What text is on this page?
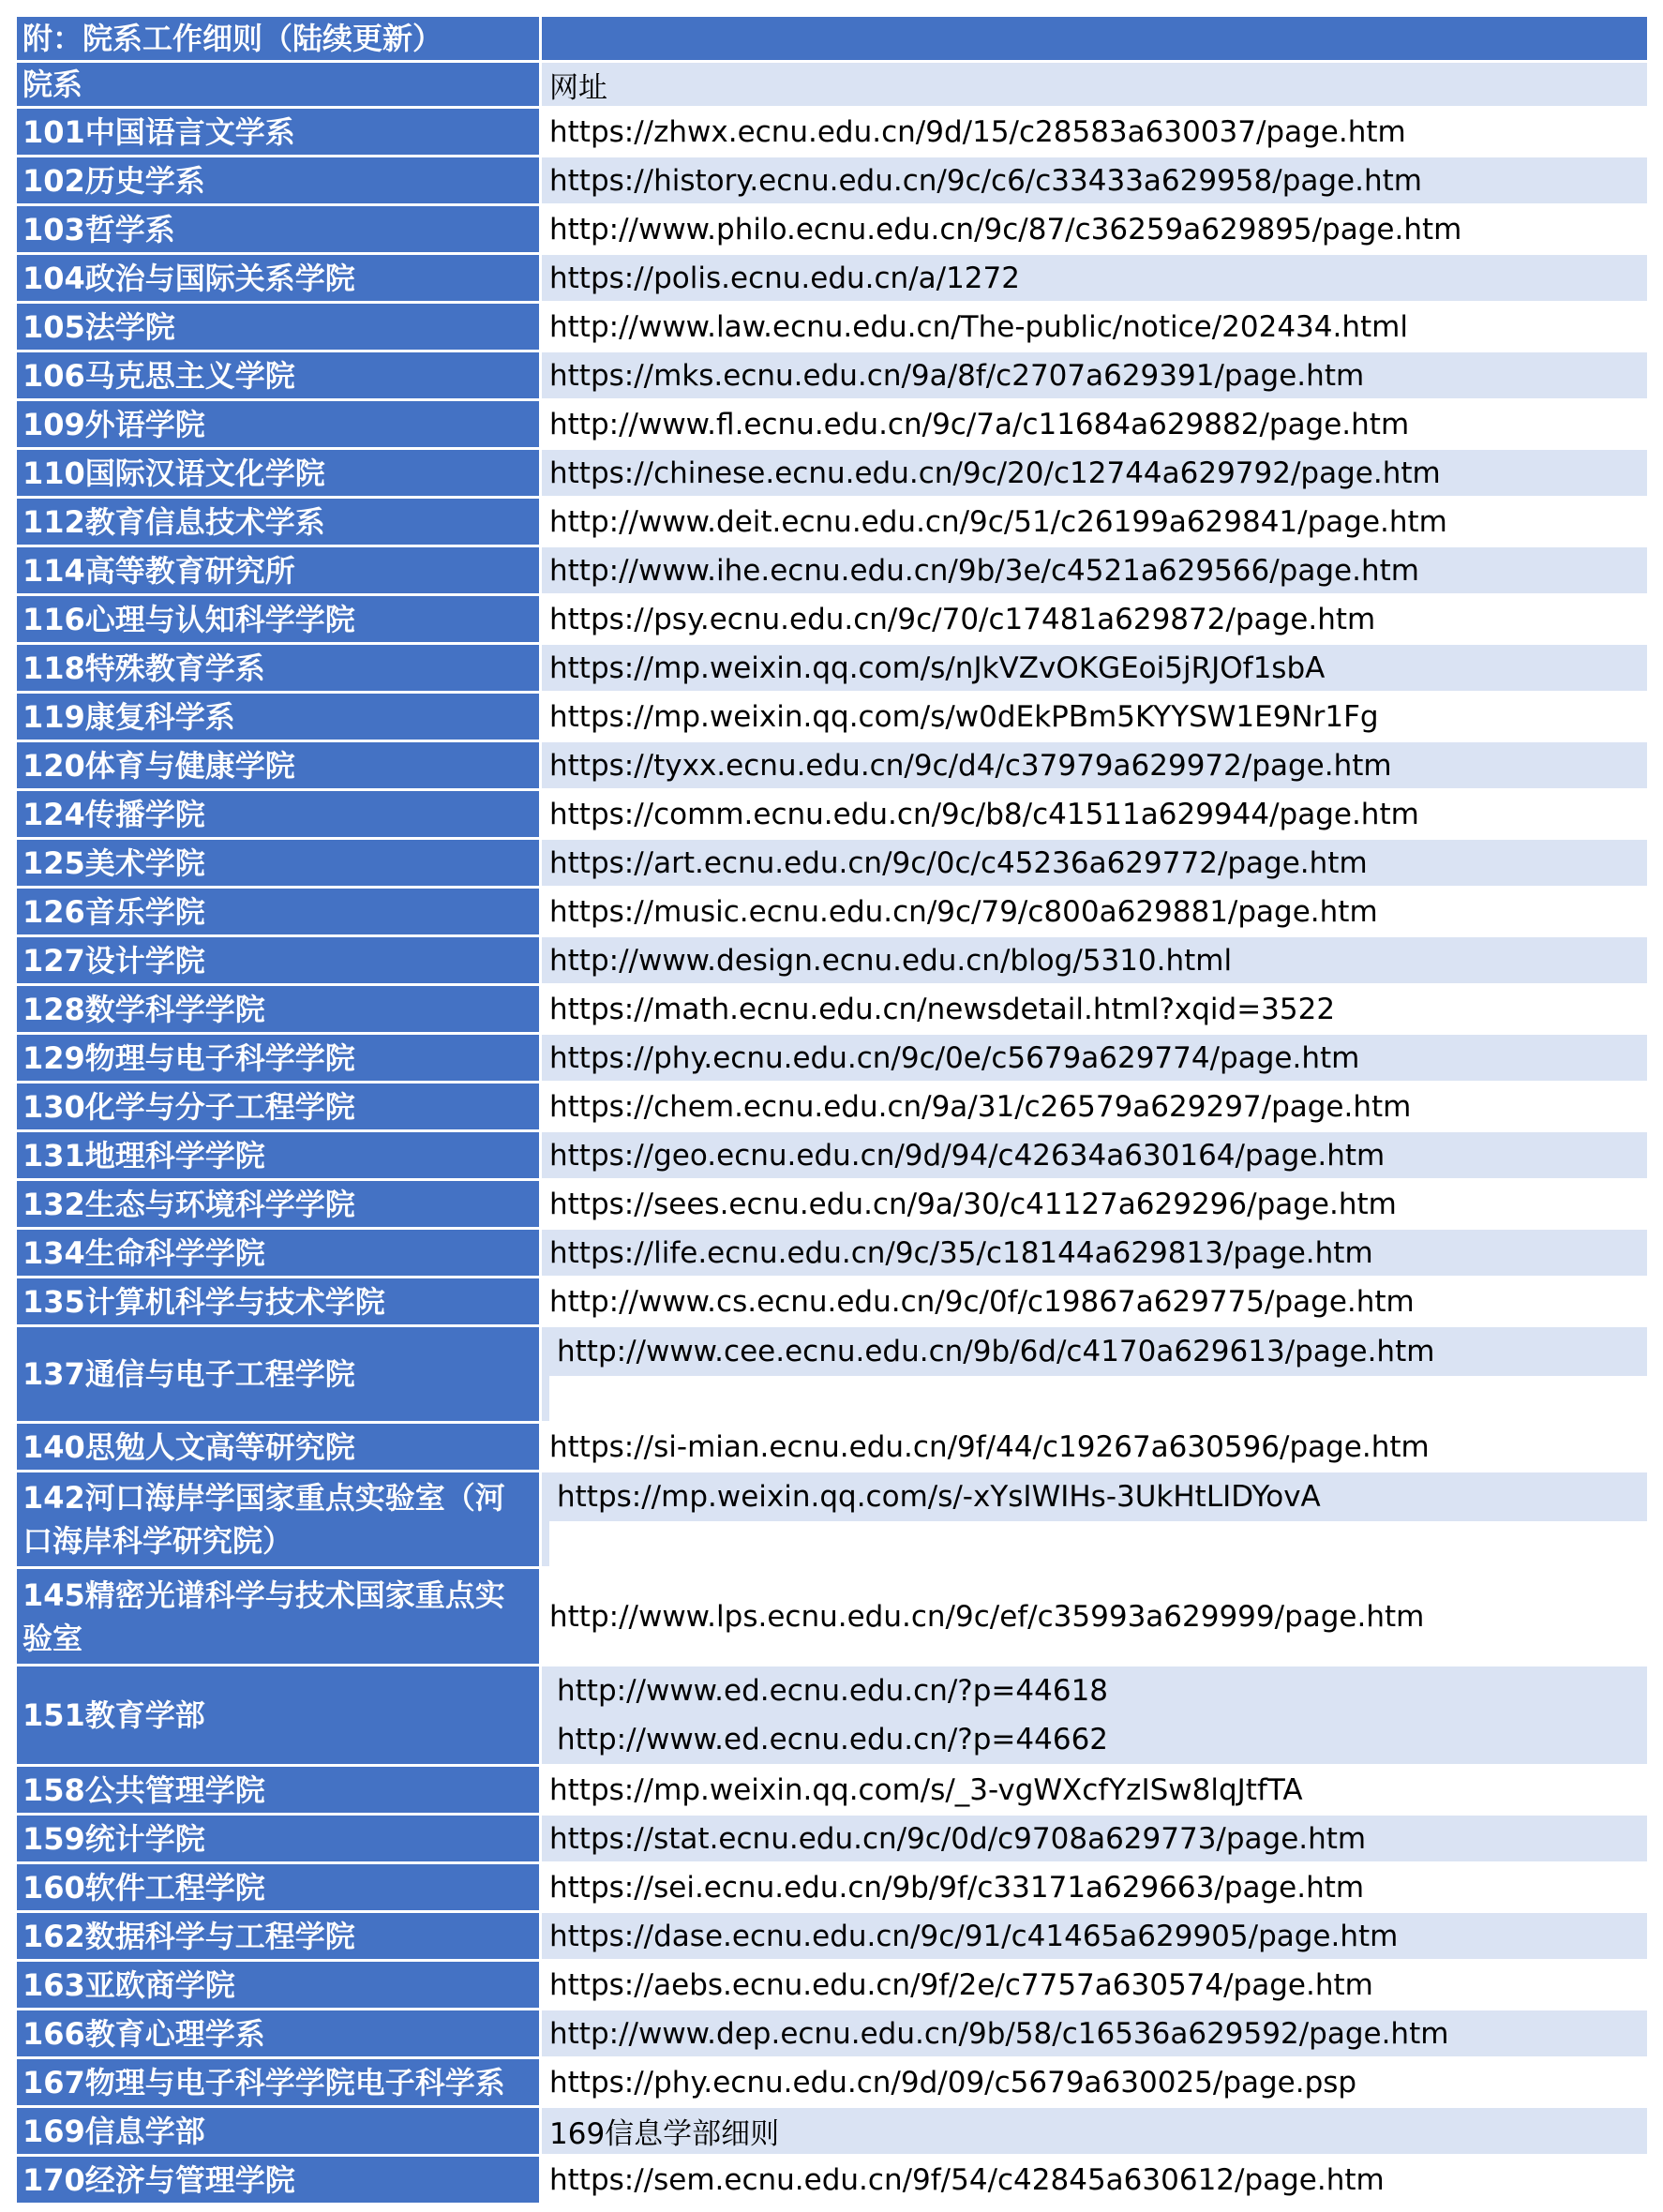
附：院系工作细则（陆续更新）	
院系	网址
101中国语言文学系	https://zhwx.ecnu.edu.cn/9d/15/c28583a630037/page.htm
102历史学系	https://history.ecnu.edu.cn/9c/c6/c33433a629958/page.htm
103哲学系	http://www.philo.ecnu.edu.cn/9c/87/c36259a629895/page.htm
104政治与国际关系学院	https://polis.ecnu.edu.cn/a/1272
105法学院	http://www.law.ecnu.edu.cn/The-public/notice/202434.html
106马克思主义学院	https://mks.ecnu.edu.cn/9a/8f/c2707a629391/page.htm
109外语学院	http://www.fl.ecnu.edu.cn/9c/7a/c11684a629882/page.htm
110国际汉语文化学院	https://chinese.ecnu.edu.cn/9c/20/c12744a629792/page.htm
112教育信息技术学系	http://www.deit.ecnu.edu.cn/9c/51/c26199a629841/page.htm
114高等教育研究所	http://www.ihe.ecnu.edu.cn/9b/3e/c4521a629566/page.htm
116心理与认知科学学院	https://psy.ecnu.edu.cn/9c/70/c17481a629872/page.htm
118特殊教育学系	https://mp.weixin.qq.com/s/nJkVZvOKGEoi5jRJOf1sbA
119康复科学系	https://mp.weixin.qq.com/s/w0dEkPBm5KYYSW1E9Nr1Fg
120体育与健康学院	https://tyxx.ecnu.edu.cn/9c/d4/c37979a629972/page.htm
124传播学院	https://comm.ecnu.edu.cn/9c/b8/c41511a629944/page.htm
125美术学院	https://art.ecnu.edu.cn/9c/0c/c45236a629772/page.htm
126音乐学院	https://music.ecnu.edu.cn/9c/79/c800a629881/page.htm
127设计学院	http://www.design.ecnu.edu.cn/blog/5310.html
128数学科学学院	https://math.ecnu.edu.cn/newsdetail.html?xqid=3522
129物理与电子科学学院	https://phy.ecnu.edu.cn/9c/0e/c5679a629774/page.htm
130化学与分子工程学院	https://chem.ecnu.edu.cn/9a/31/c26579a629297/page.htm
131地理科学学院	https://geo.ecnu.edu.cn/9d/94/c42634a630164/page.htm
132生态与环境科学学院	https://sees.ecnu.edu.cn/9a/30/c41127a629296/page.htm
134生命科学学院	https://life.ecnu.edu.cn/9c/35/c18144a629813/page.htm
135计算机科学与技术学院	http://www.cs.ecnu.edu.cn/9c/0f/c19867a629775/page.htm
137通信与电子工程学院	http://www.cee.ecnu.edu.cn/9b/6d/c4170a629613/page.htm

140思勉人文高等研究院	https://si-mian.ecnu.edu.cn/9f/44/c19267a630596/page.htm
142河口海岸学国家重点实验室（河口海岸科学研究院）	https://mp.weixin.qq.com/s/-xYsIWIHs-3UkHtLIDYovA

145精密光谱科学与技术国家重点实验室	http://www.lps.ecnu.edu.cn/9c/ef/c35993a629999/page.htm
151教育学部	http://www.ed.ecnu.edu.cn/?p=44618
http://www.ed.ecnu.edu.cn/?p=44662

158公共管理学院	https://mp.weixin.qq.com/s/_3-vgWXcfYzISw8lqJtfTA
159统计学院	https://stat.ecnu.edu.cn/9c/0d/c9708a629773/page.htm
160软件工程学院	https://sei.ecnu.edu.cn/9b/9f/c33171a629663/page.htm
162数据科学与工程学院	https://dase.ecnu.edu.cn/9c/91/c41465a629905/page.htm
163亚欧商学院	https://aebs.ecnu.edu.cn/9f/2e/c7757a630574/page.htm
166教育心理学系	http://www.dep.ecnu.edu.cn/9b/58/c16536a629592/page.htm
167物理与电子科学学院电子科学系	https://phy.ecnu.edu.cn/9d/09/c5679a630025/page.psp
169信息学部	169信息学部细则
170经济与管理学院	https://sem.ecnu.edu.cn/9f/54/c42845a630612/page.htm
